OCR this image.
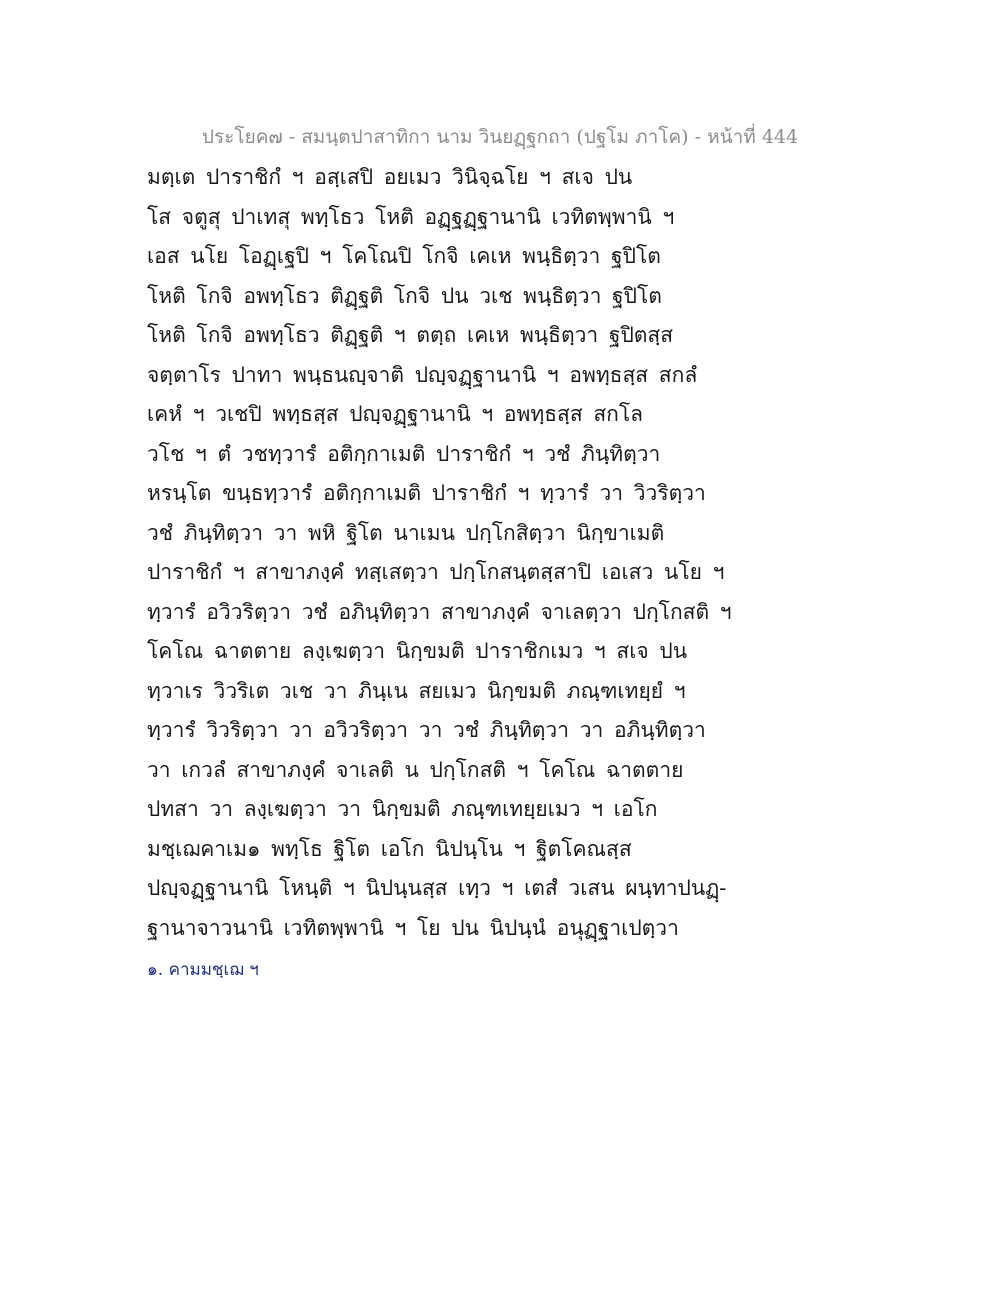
ประโยค๗ - สมนฺตปาสาทิกา นาม วินยฏฺฐกถา (ปฐโม ภาโค) - หน้าที่ 444
มตฺเต ปาราชิกํ ฯ อสฺเสปิ อยเมว วินิจฺฉโย ฯ สเจ ปน
โส จตูสุ ปาเทสุ พทฺโธว โหติ อฏฺฐฏฺฐานานิ เวทิตพฺพานิ ฯ
เอส นโย โอฏฺเฐปิ ฯ โคโณปิ โกจิ เคเห พนฺธิตฺวา ฐปิโต
โหติ โกจิ อพทฺโธว ติฏฺฐติ โกจิ ปน วเช พนฺธิตฺวา ฐปิโต
โหติ โกจิ อพทฺโธว ติฏฺฐติ ฯ ตตฺถ เคเห พนฺธิตฺวา ฐปิตสฺส
จตฺตาโร ปาทา พนฺธนญฺจาติ ปญฺจฏฺฐานานิ ฯ อพทฺธสฺส สกลํ
เคหํ ฯ วเชปิ พทฺธสฺส ปญฺจฏฺฐานานิ ฯ อพทฺธสฺส สกโล
วโช ฯ ตํ วชทฺวารํ อติกฺกาเมติ ปาราชิกํ ฯ วชํ ภินฺทิตฺวา
หรนฺโต ขนฺธทฺวารํ อติกฺกาเมติ ปาราชิกํ ฯ ทฺวารํ วา วิวริตฺวา
วชํ ภินฺทิตฺวา วา พหิ ฐิโต นาเมน ปกฺโกสิตฺวา นิกฺขาเมติ
ปาราชิกํ ฯ สาขาภงฺคํ ทสฺเสตฺวา ปกฺโกสนฺตสฺสาปิ เอเสว นโย ฯ
ทฺวารํ อวิวริตฺวา วชํ อภินฺทิตฺวา สาขาภงฺคํ จาเลตฺวา ปกฺโกสติ ฯ
โคโณ ฉาตตาย ลงฺเฆตฺวา นิกฺขมติ ปาราชิกเมว ฯ สเจ ปน
ทฺวาเร วิวริเต วเช วา ภินฺเน สยเมว นิกฺขมติ ภณฺฑเทยฺยํ ฯ
ทฺวารํ วิวริตฺวา วา อวิวริตฺวา วา วชํ ภินฺทิตฺวา วา อภินฺทิตฺวา
วา เกวลํ สาขาภงฺคํ จาเลติ น ปกฺโกสติ ฯ โคโณ ฉาตตาย
ปทสา วา ลงฺเฆตฺวา วา นิกฺขมติ ภณฺฑเทยฺยเมว ฯ เอโก
มชฺเฌคาเม๑ พทฺโธ ฐิโต เอโก นิปนฺโน ฯ ฐิตโคณสฺส
ปญฺจฏฺฐานานิ โหนฺติ ฯ นิปนฺนสฺส เทฺว ฯ เตสํ วเสน ผนฺทาปนฏฺ-
ฐานาจาวนานิ เวทิตพฺพานิ ฯ โย ปน นิปนฺนํ อนุฏฺฐาเปตฺวา
๑. คามมชฺเฌ ฯ
